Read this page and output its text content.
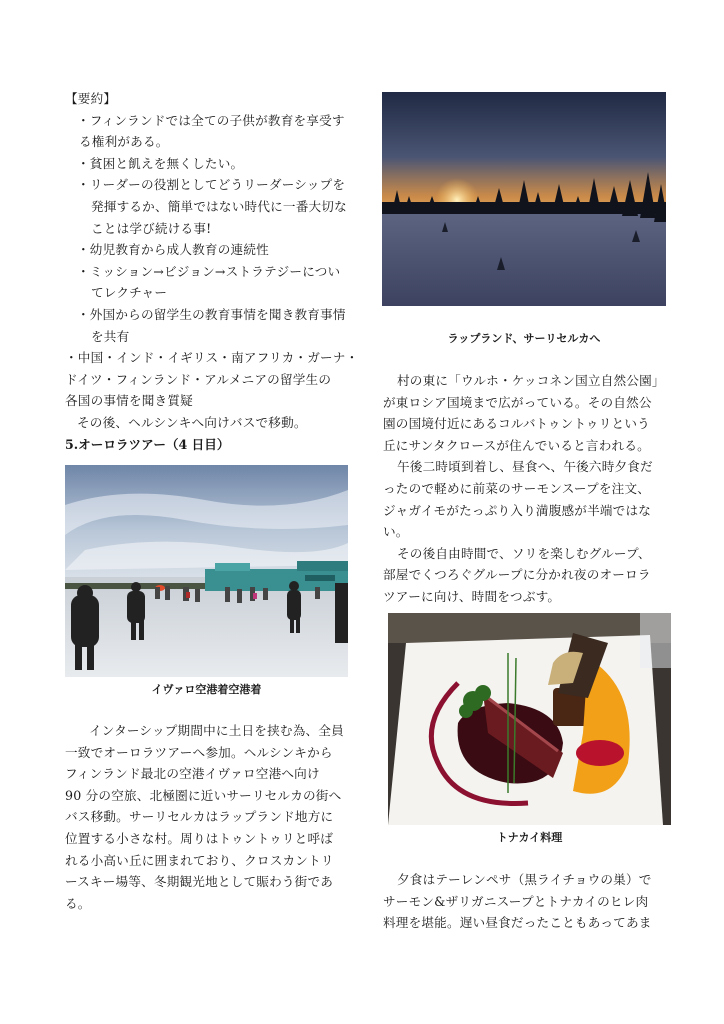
【要約】
・フィンランドでは全ての子供が教育を享受す
る権利がある。
・貧困と飢えを無くしたい。
・リーダーの役割としてどうリーダーシップを
発揮するか、簡単ではない時代に一番大切な
ことは学び続ける事!
・幼児教育から成人教育の連続性
・ミッション→ビジョン→ストラテジーについ
てレクチャー
・外国からの留学生の教育事情を聞き教育事情
を共有
・中国・インド・イギリス・南アフリカ・ガーナ・
ドイツ・フィンランド・アルメニアの留学生の
各国の事情を聞き質疑
その後、ヘルシンキへ向けバスで移動。
5.オーロラツアー（4 日目）
イヴァロ空港着空港着
インターシップ期間中に土日を挟む為、全員
一致でオーロラツアーへ参加。ヘルシンキから
フィンランド最北の空港イヴァロ空港へ向け
90 分の空旅、北極圏に近いサーリセルカの街へ
バス移動。サーリセルカはラップランド地方に
位置する小さな村。周りはトゥントゥリと呼ば
れる小高い丘に囲まれており、クロスカントリ
ースキー場等、冬期観光地として賑わう街であ
る。
ラップランド、サーリセルカへ
村の東に「ウルホ・ケッコネン国立自然公園」
が東ロシア国境まで広がっている。その自然公
園の国境付近にあるコルバトゥントゥリという
丘にサンタクロースが住んでいると言われる。
午後二時頃到着し、昼食へ、午後六時夕食だ
ったので軽めに前菜のサーモンスープを注文、
ジャガイモがたっぷり入り満腹感が半端ではな
い。
その後自由時間で、ソリを楽しむグループ、
部屋でくつろぐグループに分かれ夜のオーロラ
ツアーに向け、時間をつぶす。
トナカイ料理
夕食はテーレンペサ（黒ライチョウの巣）で
サーモン&ザリガニスープとトナカイのヒレ肉
料理を堪能。遅い昼食だったこともあってあま
